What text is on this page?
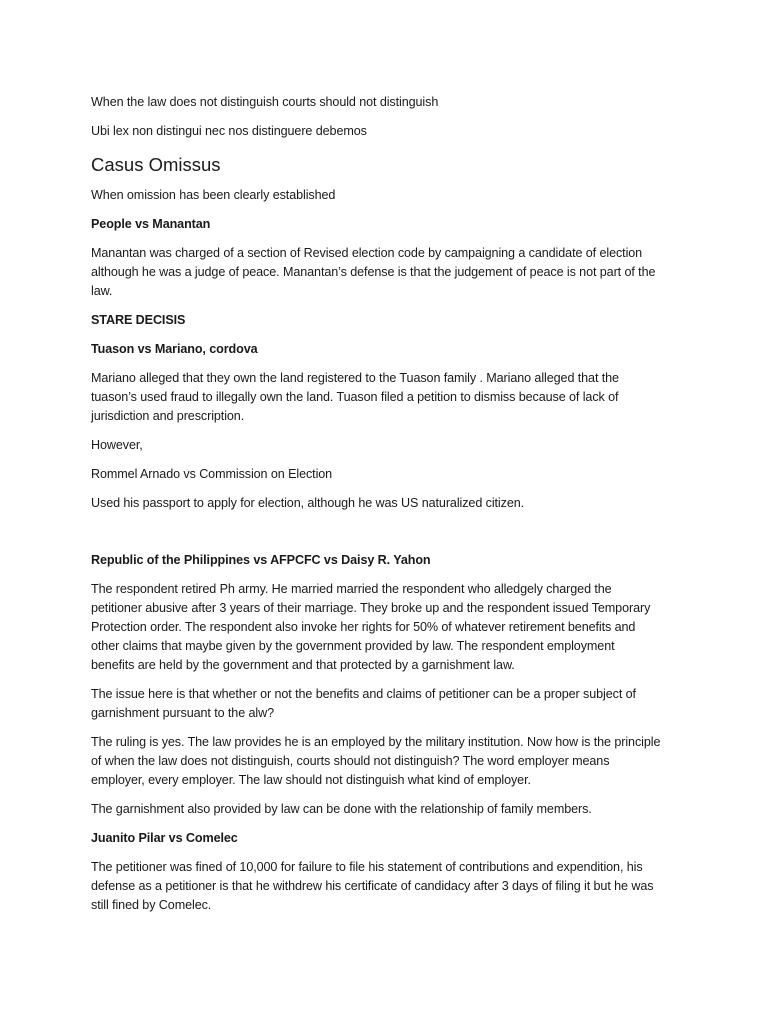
When the law does not distinguish courts should not distinguish

Ubi lex non distingui nec nos distinguere debemos

Casus Omissus

When omission has been clearly established

People vs Manantan

Manantan was charged of a section of Revised election code by campaigning a candidate of election

although he was a judge of peace. Manantan’s defense is that the judgement of peace is not part of the

law.

STARE DECISIS

Tuason vs Mariano, cordova

Mariano alleged that they own the land registered to the Tuason family . Mariano alleged that the

tuason’s used fraud to illegally own the land. Tuason filed a petition to dismiss because of lack of

jurisdiction and prescription.

However,

Rommel Arnado vs Commission on Election

Used his passport to apply for election, although he was US naturalized citizen.

Republic of the Philippines vs AFPCFC vs Daisy R. Yahon

The respondent retired Ph army. He married married the respondent who alledgely charged the

petitioner abusive after 3 years of their marriage. They broke up and the respondent issued Temporary

Protection order. The respondent also invoke her rights for 50% of whatever retirement benefits and

other claims that maybe given by the government provided by law. The respondent employment

benefits are held by the government and that protected by a garnishment law.

The issue here is that whether or not the benefits and claims of petitioner can be a proper subject of

garnishment pursuant to the alw?

The ruling is yes. The law provides he is an employed by the military institution. Now how is the principle

of when the law does not distinguish, courts should not distinguish? The word employer means

employer, every employer. The law should not distinguish what kind of employer.

The garnishment also provided by law can be done with the relationship of family members.

Juanito Pilar vs Comelec

The petitioner was fined of 10,000 for failure to file his statement of contributions and expendition, his

defense as a petitioner is that he withdrew his certificate of candidacy after 3 days of filing it but he was

still fined by Comelec.
